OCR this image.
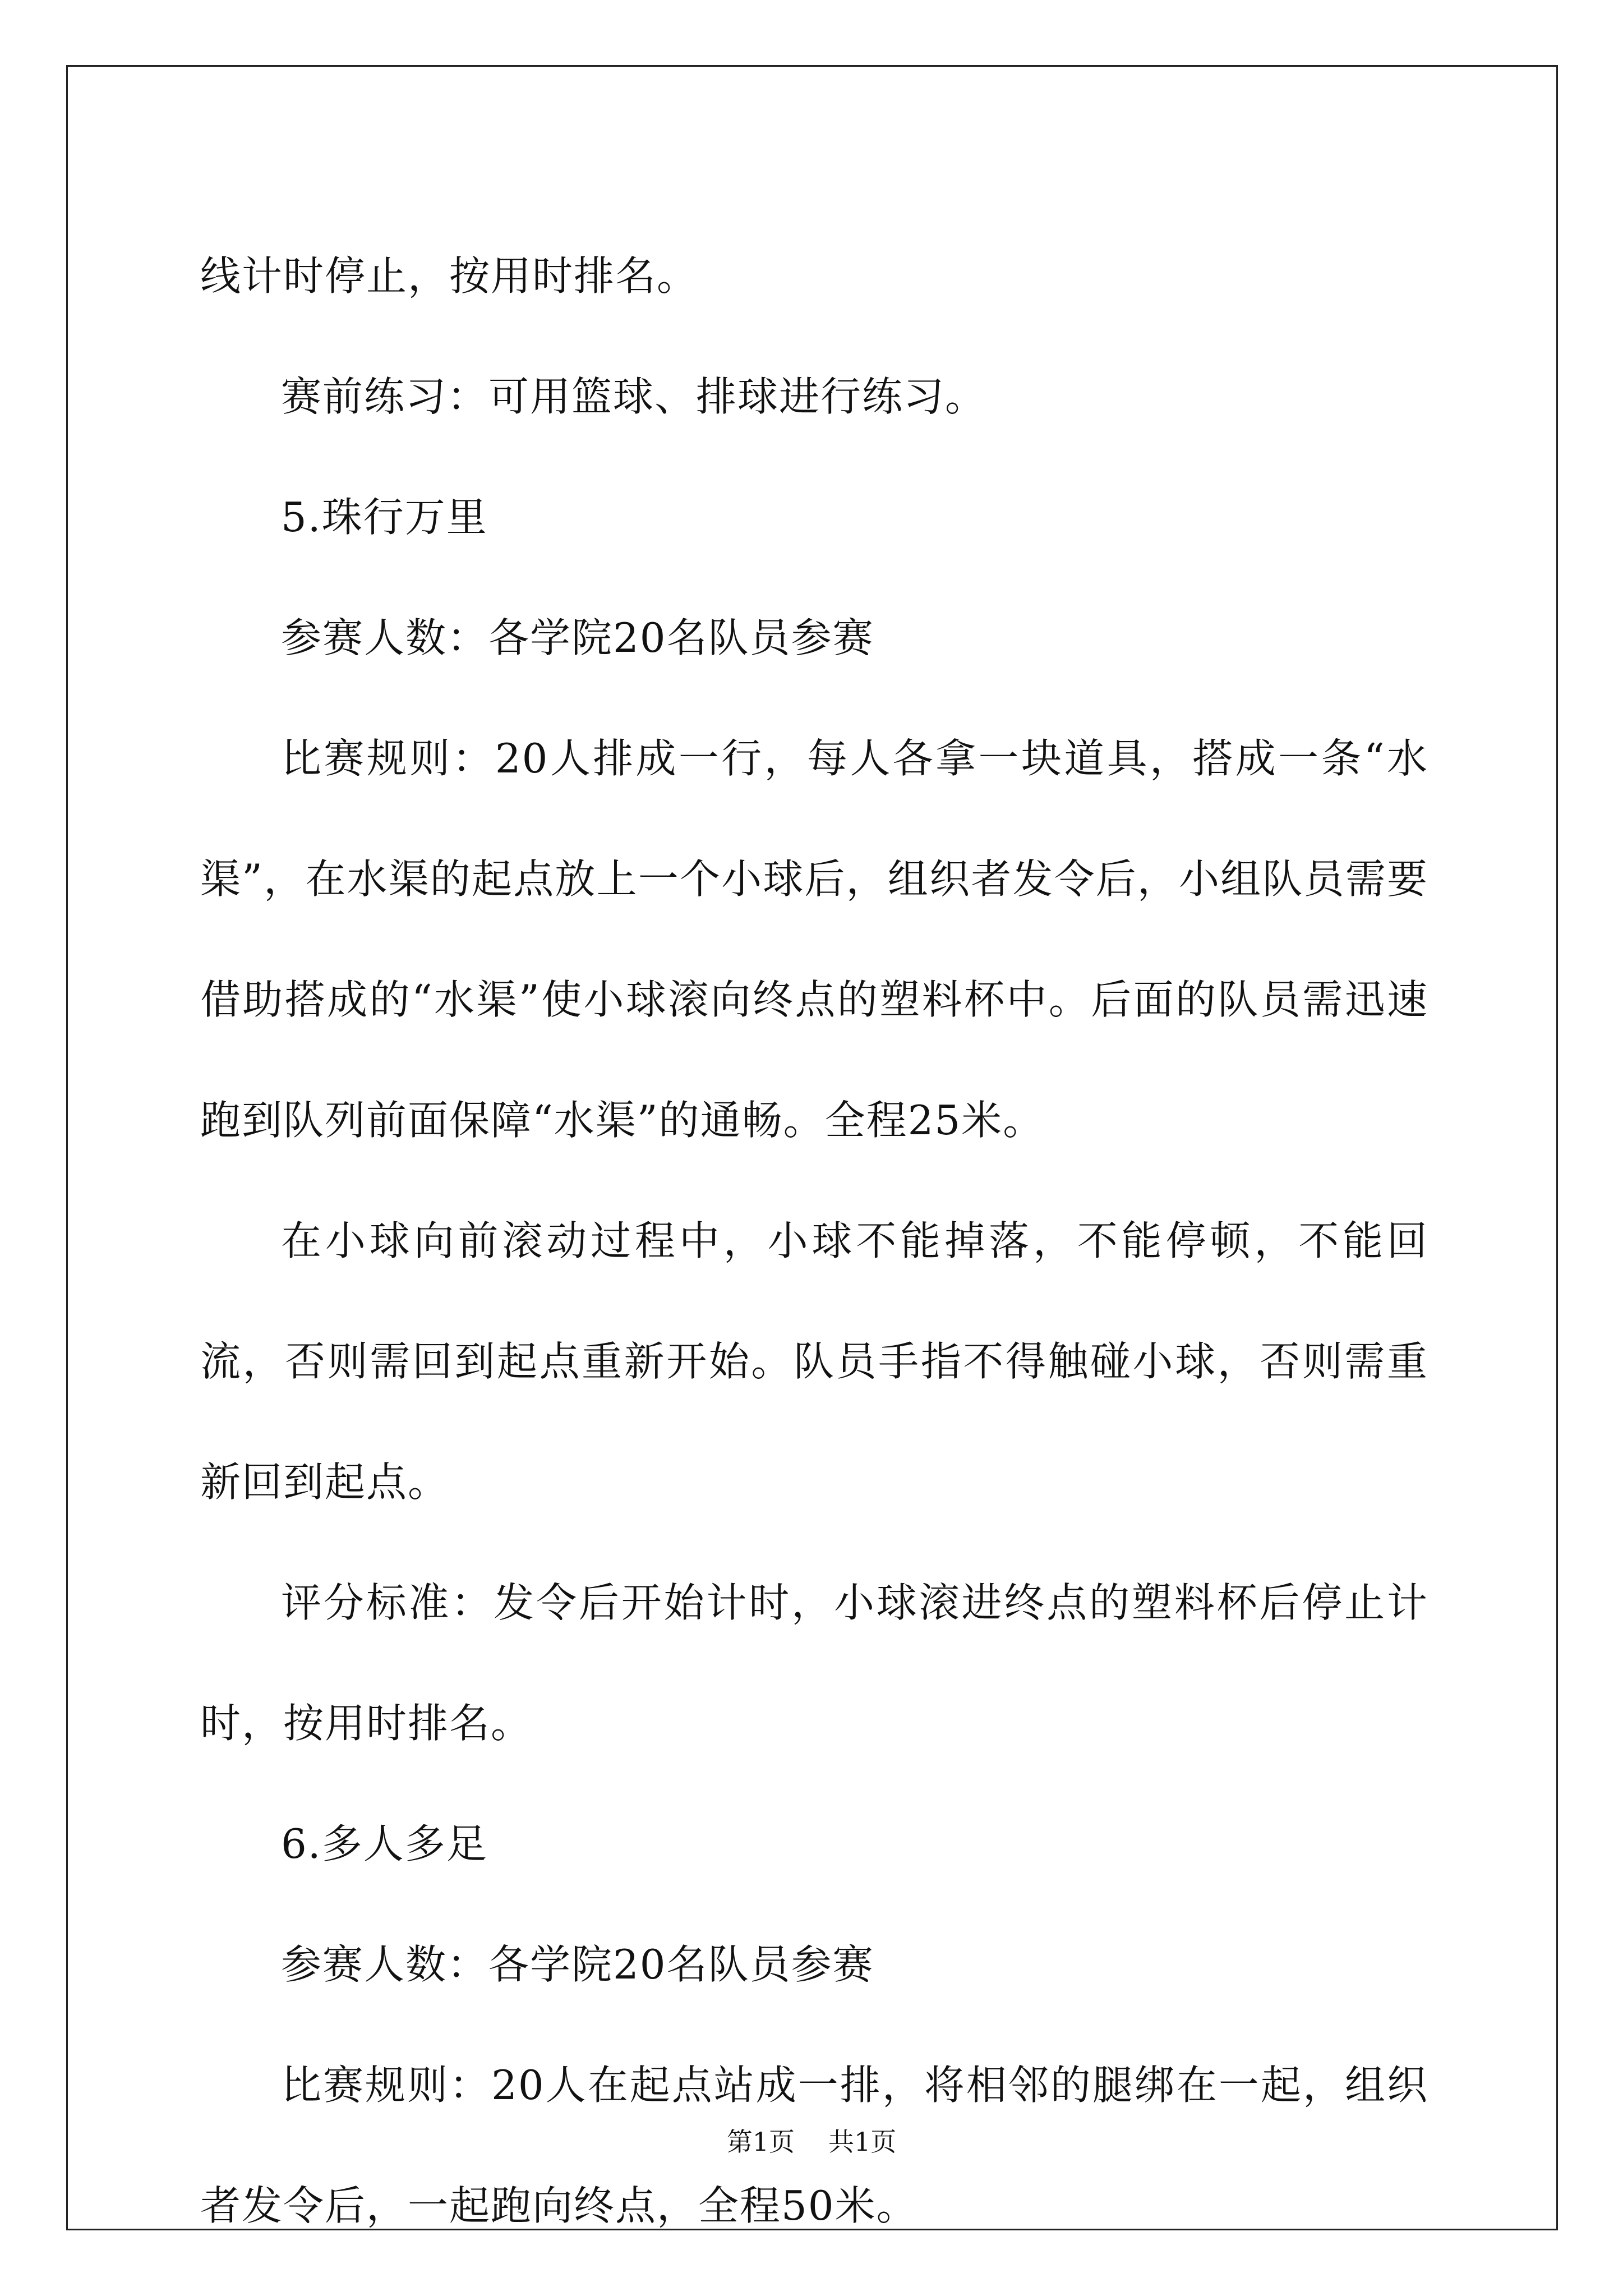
线计时停止，按用时排名。

赛前练习：可用篮球、排球进行练习。

5.珠行万里

参赛人数：各学院20名队员参赛

比赛规则：20人排成一行，每人各拿一块道具，搭成一条“水渠”，在水渠的起点放上一个小球后，组织者发令后，小组队员需要借助搭成的“水渠”使小球滚向终点的塑料杯中。后面的队员需迅速跑到队列前面保障“水渠”的通畅。全程25米。

在小球向前滚动过程中，小球不能掉落，不能停顿，不能回流，否则需回到起点重新开始。队员手指不得触碰小球，否则需重新回到起点。

评分标准：发令后开始计时，小球滚进终点的塑料杯后停止计时，按用时排名。

6.多人多足

参赛人数：各学院20名队员参赛

比赛规则：20人在起点站成一排，将相邻的腿绑在一起，组织者发令后，一起跑向终点，全程50米。

第1页 共1页
